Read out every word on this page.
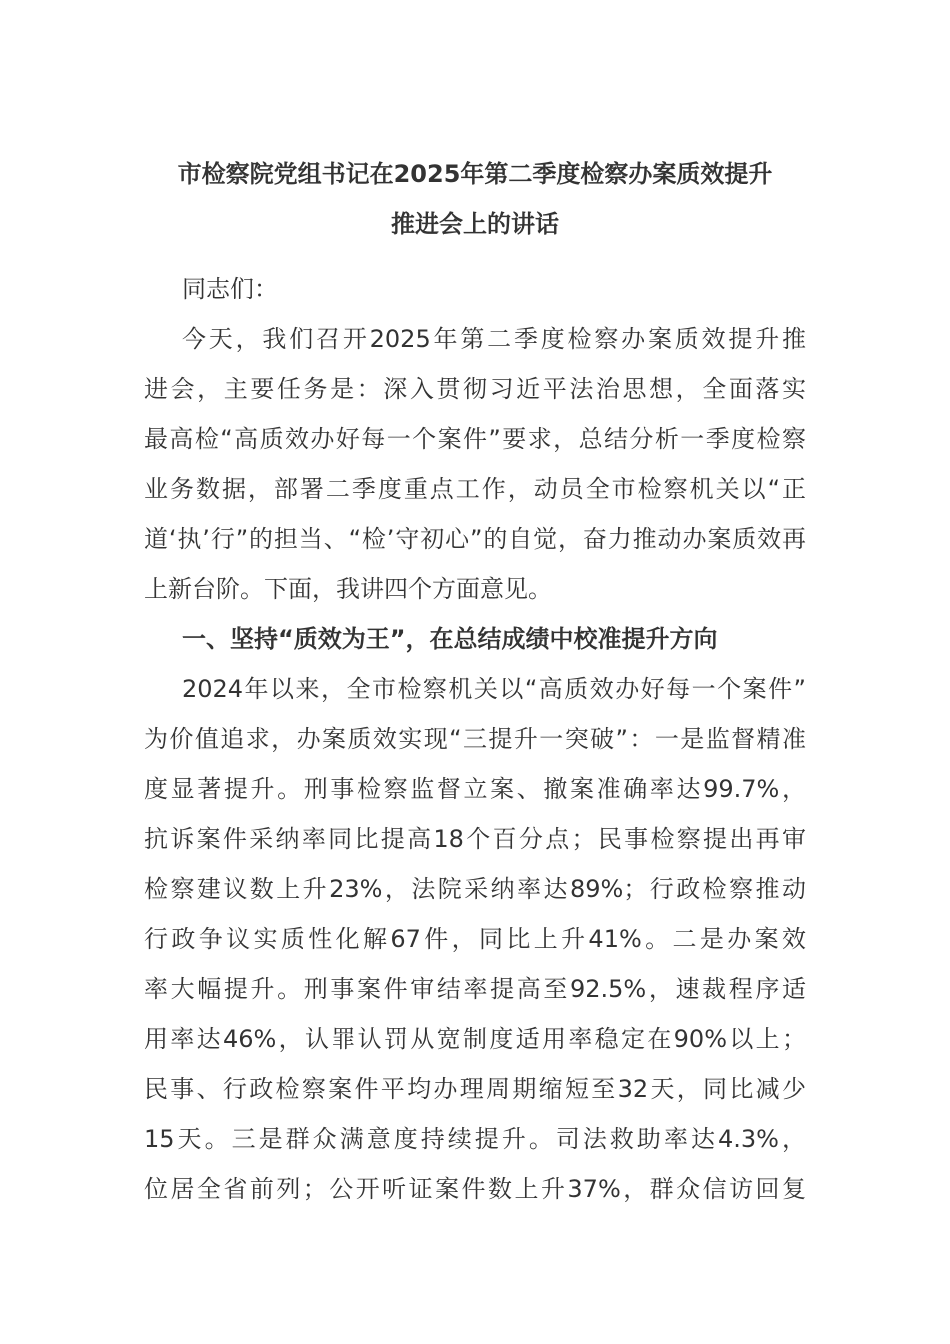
市检察院党组书记在2025年第二季度检察办案质效提升
推进会上的讲话
同志们：
今天，我们召开2025年第二季度检察办案质效提升推
进会，主要任务是：深入贯彻习近平法治思想，全面落实
最高检“高质效办好每一个案件”要求，总结分析一季度检察
业务数据，部署二季度重点工作，动员全市检察机关以“正
道‘执’行”的担当、“检’守初心”的自觉，奋力推动办案质效再
上新台阶。下面，我讲四个方面意见。
一、坚持“质效为王”，在总结成绩中校准提升方向
2024年以来，全市检察机关以“高质效办好每一个案件”
为价值追求，办案质效实现“三提升一突破”：一是监督精准
度显著提升。刑事检察监督立案、撤案准确率达99.7%，
抗诉案件采纳率同比提高18个百分点；民事检察提出再审
检察建议数上升23%，法院采纳率达89%；行政检察推动
行政争议实质性化解67件，同比上升41%。二是办案效
率大幅提升。刑事案件审结率提高至92.5%，速裁程序适
用率达46%，认罪认罚从宽制度适用率稳定在90%以上；
民事、行政检察案件平均办理周期缩短至32天，同比减少
15天。三是群众满意度持续提升。司法救助率达4.3%，
位居全省前列；公开听证案件数上升37%，群众信访回复
